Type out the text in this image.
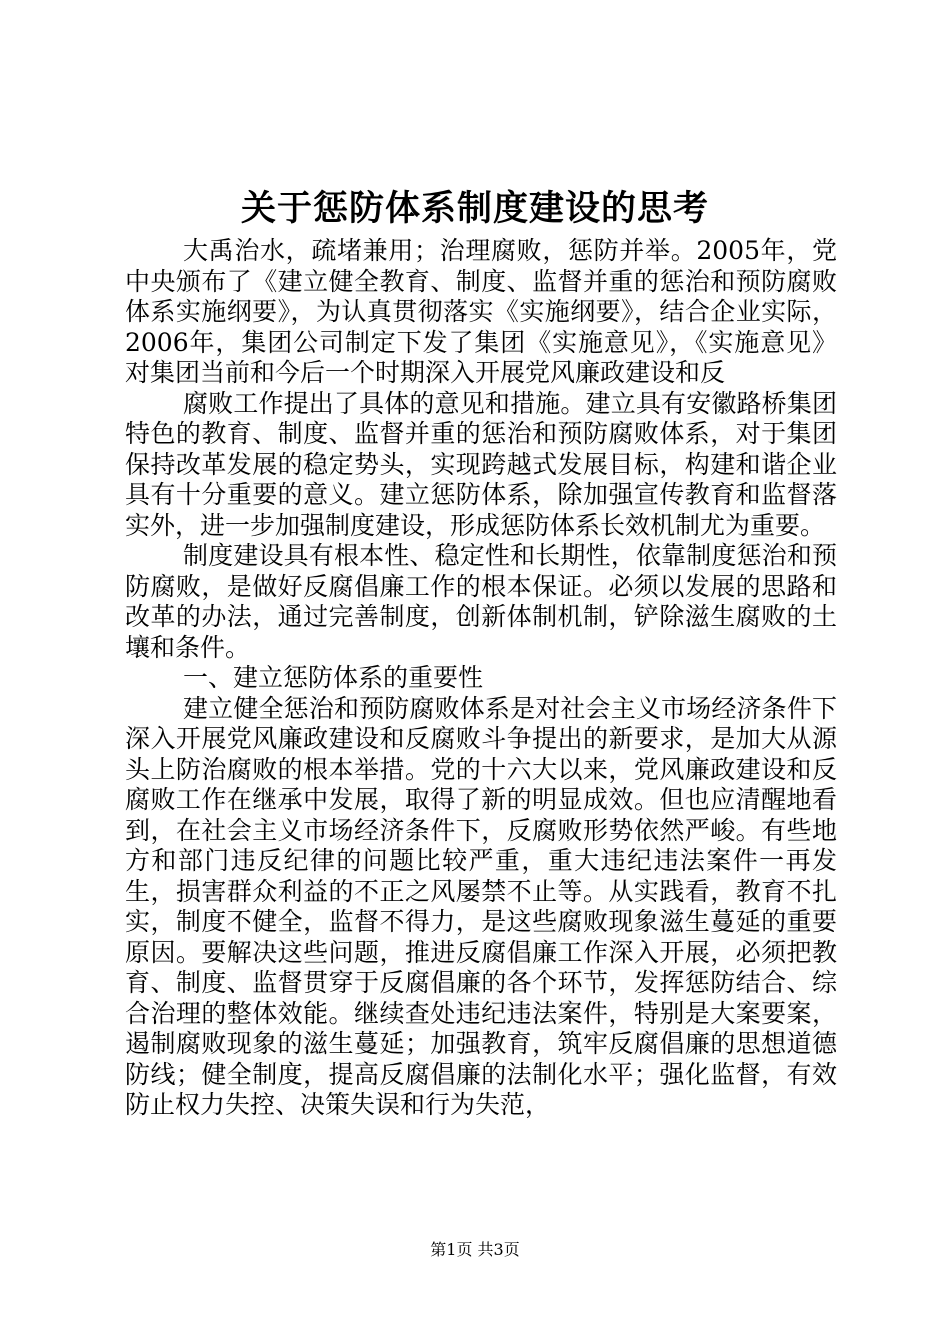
关于惩防体系制度建设的思考

大禹治水，疏堵兼用；治理腐败，惩防并举。2005年，党中央颁布了《建立健全教育、制度、监督并重的惩治和预防腐败体系实施纲要》，为认真贯彻落实《实施纲要》，结合企业实际，2006年，集团公司制定下发了集团《实施意见》，《实施意见》对集团当前和今后一个时期深入开展党风廉政建设和反

腐败工作提出了具体的意见和措施。建立具有安徽路桥集团特色的教育、制度、监督并重的惩治和预防腐败体系，对于集团保持改革发展的稳定势头，实现跨越式发展目标，构建和谐企业具有十分重要的意义。建立惩防体系，除加强宣传教育和监督落实外，进一步加强制度建设，形成惩防体系长效机制尤为重要。

制度建设具有根本性、稳定性和长期性，依靠制度惩治和预防腐败，是做好反腐倡廉工作的根本保证。必须以发展的思路和改革的办法，通过完善制度，创新体制机制，铲除滋生腐败的土壤和条件。

一、建立惩防体系的重要性

建立健全惩治和预防腐败体系是对社会主义市场经济条件下深入开展党风廉政建设和反腐败斗争提出的新要求，是加大从源头上防治腐败的根本举措。党的十六大以来，党风廉政建设和反腐败工作在继承中发展，取得了新的明显成效。但也应清醒地看到，在社会主义市场经济条件下，反腐败形势依然严峻。有些地方和部门违反纪律的问题比较严重，重大违纪违法案件一再发生，损害群众利益的不正之风屡禁不止等。从实践看，教育不扎实，制度不健全，监督不得力，是这些腐败现象滋生蔓延的重要原因。要解决这些问题，推进反腐倡廉工作深入开展，必须把教育、制度、监督贯穿于反腐倡廉的各个环节，发挥惩防结合、综合治理的整体效能。继续查处违纪违法案件，特别是大案要案，遏制腐败现象的滋生蔓延；加强教育，筑牢反腐倡廉的思想道德防线；健全制度，提高反腐倡廉的法制化水平；强化监督，有效防止权力失控、决策失误和行为失范，

第1页 共3页
